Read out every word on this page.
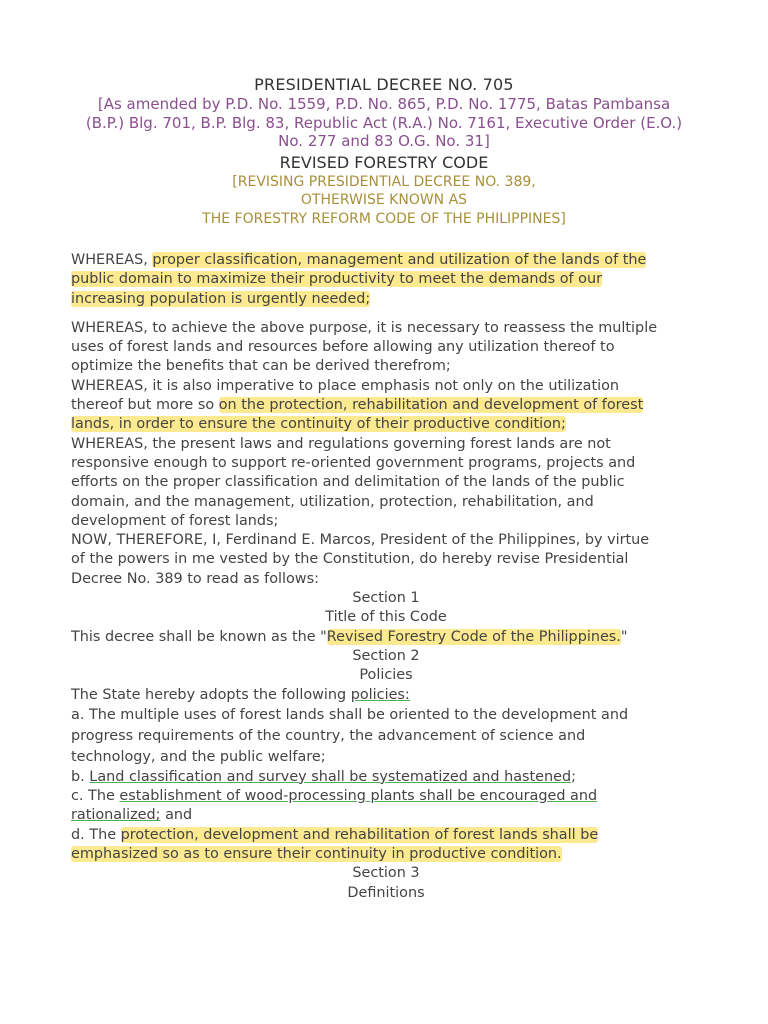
PRESIDENTIAL DECREE NO. 705
[As amended by P.D. No. 1559, P.D. No. 865, P.D. No. 1775, Batas Pambansa
(B.P.) Blg. 701, B.P. Blg. 83, Republic Act (R.A.) No. 7161, Executive Order (E.O.)
No. 277 and 83 O.G. No. 31]
REVISED FORESTRY CODE
[REVISING PRESIDENTIAL DECREE NO. 389,
OTHERWISE KNOWN AS
THE FORESTRY REFORM CODE OF THE PHILIPPINES]
WHEREAS, proper classification, management and utilization of the lands of the
public domain to maximize their productivity to meet the demands of our
increasing population is urgently needed;
WHEREAS, to achieve the above purpose, it is necessary to reassess the multiple
uses of forest lands and resources before allowing any utilization thereof to
optimize the benefits that can be derived therefrom;
WHEREAS, it is also imperative to place emphasis not only on the utilization
thereof but more so on the protection, rehabilitation and development of forest
lands, in order to ensure the continuity of their productive condition;
WHEREAS, the present laws and regulations governing forest lands are not
responsive enough to support re-oriented government programs, projects and
efforts on the proper classification and delimitation of the lands of the public
domain, and the management, utilization, protection, rehabilitation, and
development of forest lands;
NOW, THEREFORE, I, Ferdinand E. Marcos, President of the Philippines, by virtue
of the powers in me vested by the Constitution, do hereby revise Presidential
Decree No. 389 to read as follows:
Section 1
Title of this Code
This decree shall be known as the "Revised Forestry Code of the Philippines."
Section 2
Policies
The State hereby adopts the following policies:
a. The multiple uses of forest lands shall be oriented to the development and
progress requirements of the country, the advancement of science and
technology, and the public welfare;
b. Land classification and survey shall be systematized and hastened;
c. The establishment of wood-processing plants shall be encouraged and
rationalized; and
d. The protection, development and rehabilitation of forest lands shall be
emphasized so as to ensure their continuity in productive condition.
Section 3
Definitions
